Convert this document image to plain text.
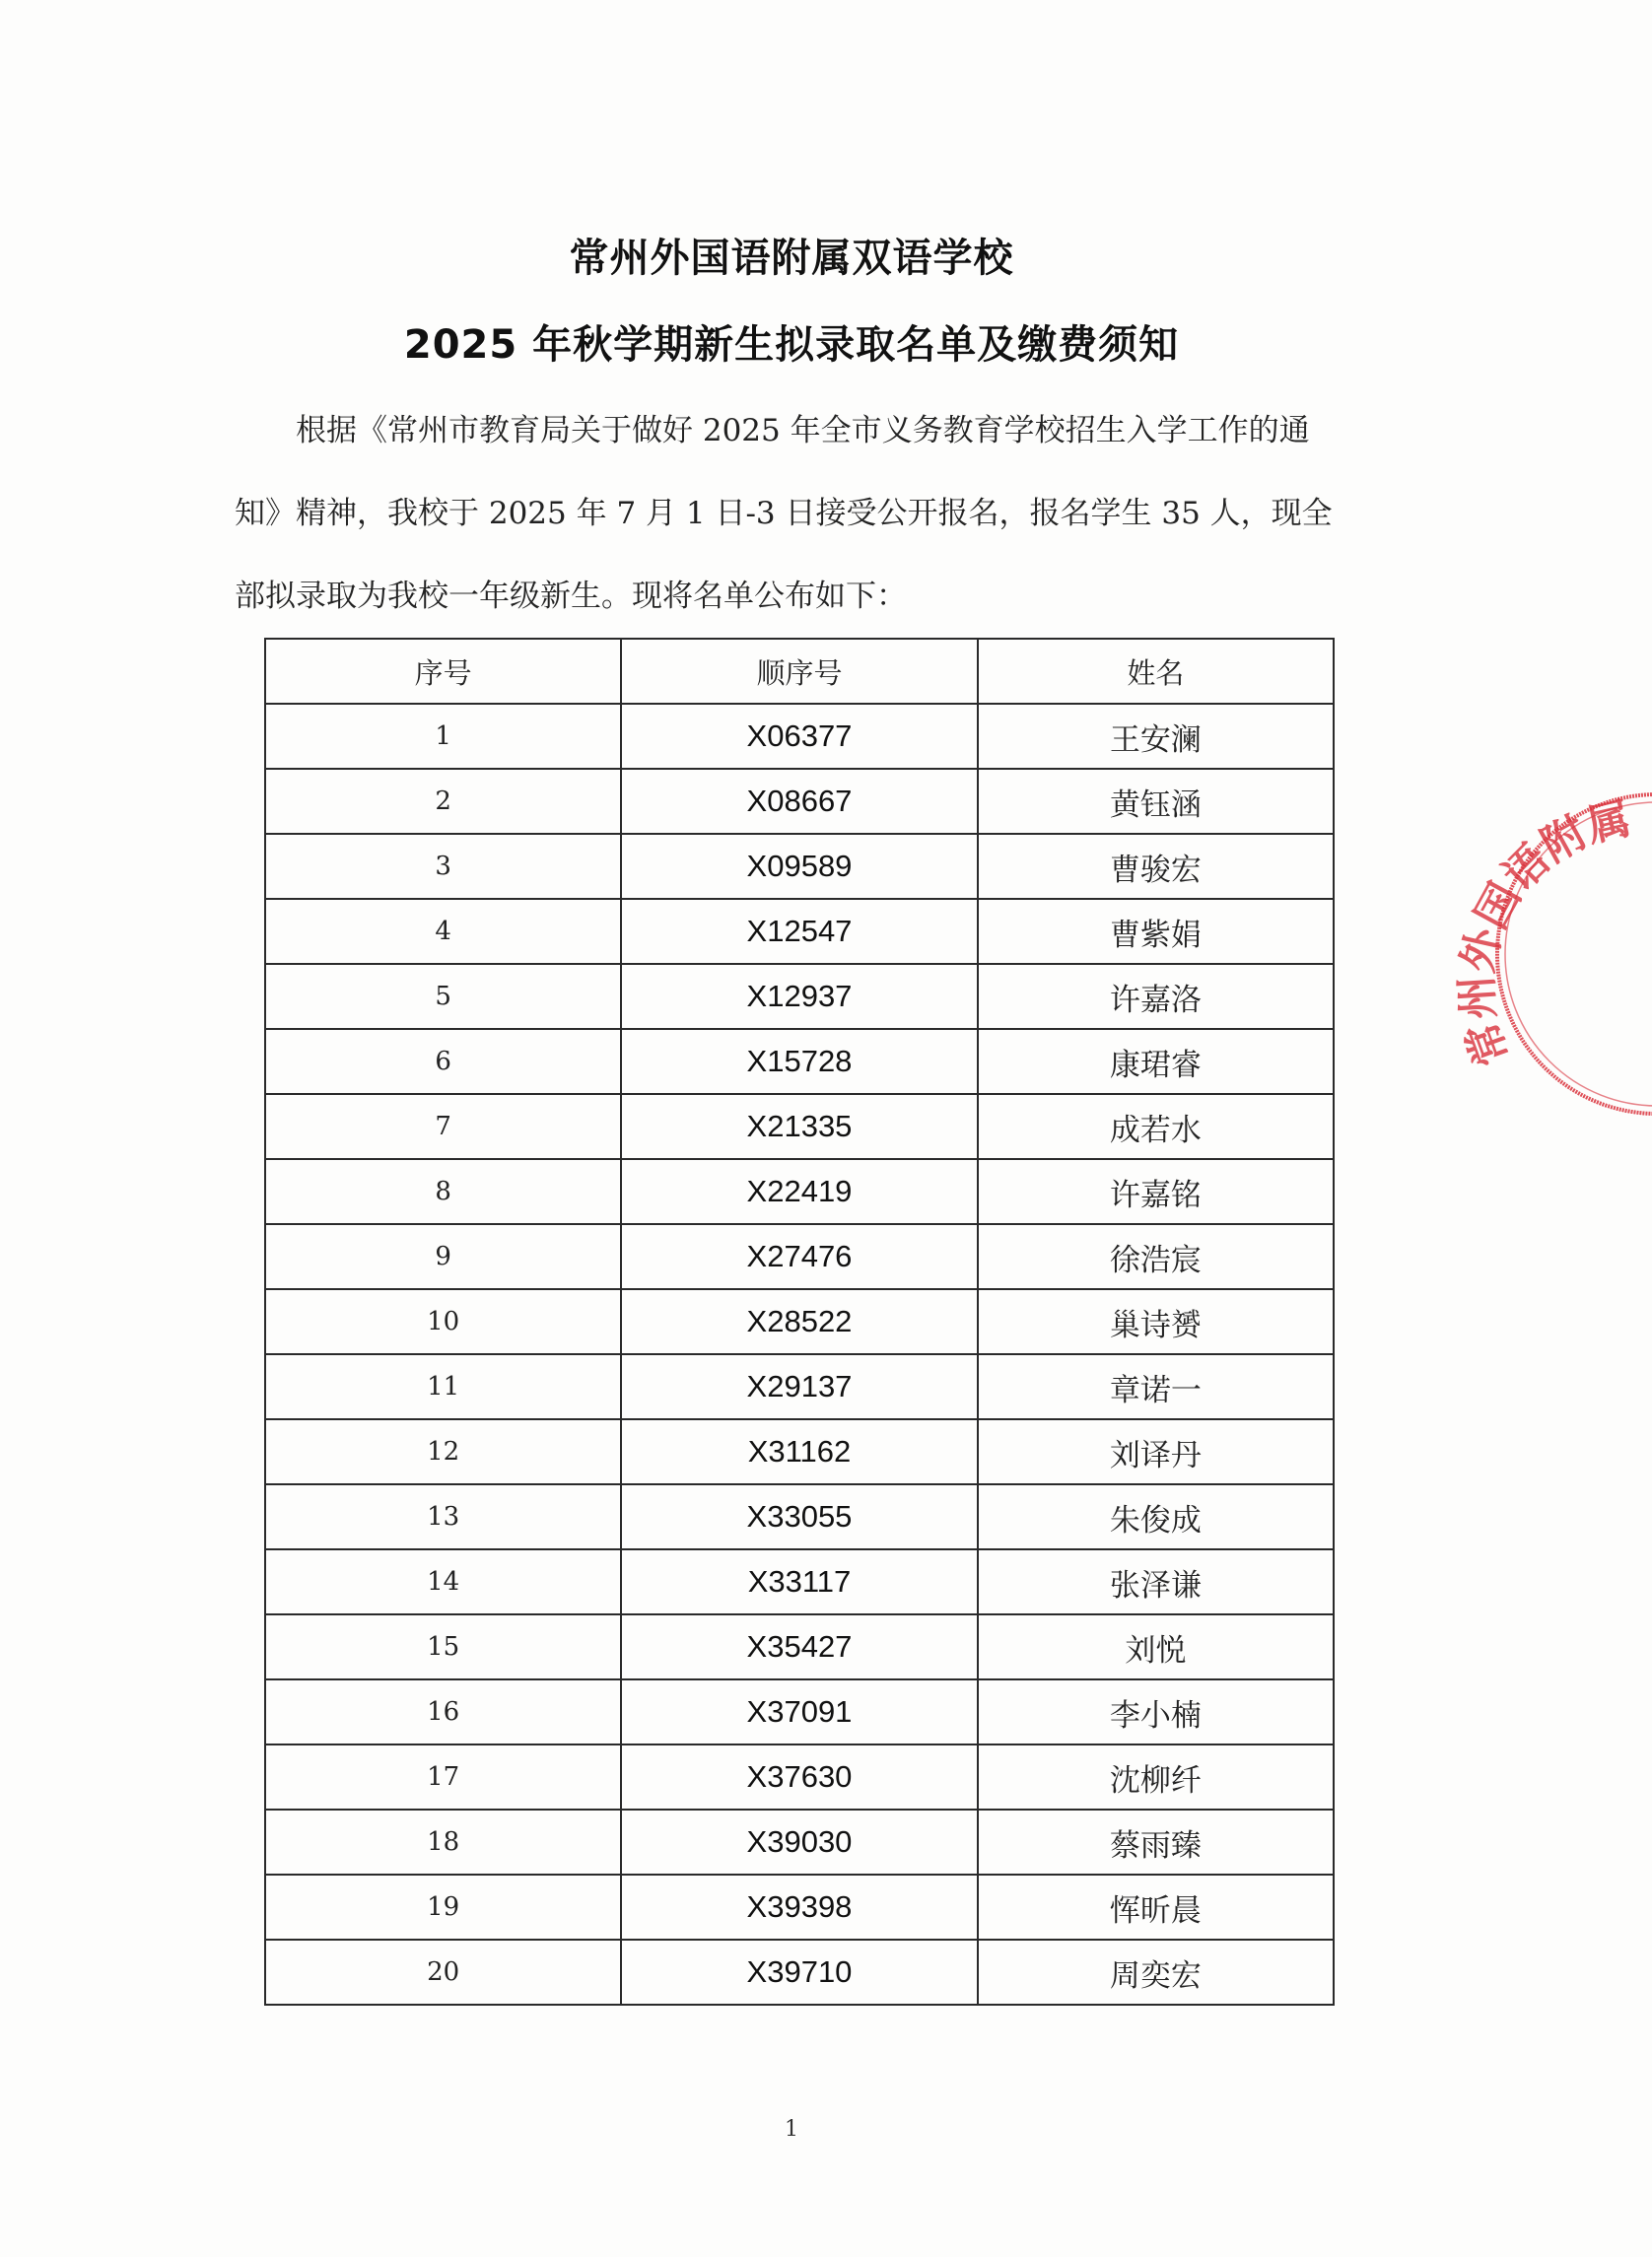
常州外国语附属双语学校
2025 年秋学期新生拟录取名单及缴费须知

根据《常州市教育局关于做好 2025 年全市义务教育学校招生入学工作的通

知》精神，我校于 2025 年 7 月 1 日-3 日接受公开报名，报名学生 35 人，现全

部拟录取为我校一年级新生。现将名单公布如下：

序号	顺序号	姓名
1	X06377	王安澜
2	X08667	黄钰涵
3	X09589	曹骏宏
4	X12547	曹紫娟
5	X12937	许嘉洛
6	X15728	康珺睿
7	X21335	成若水
8	X22419	许嘉铭
9	X27476	徐浩宸
10	X28522	巢诗赟
11	X29137	章诺一
12	X31162	刘译丹
13	X33055	朱俊成
14	X33117	张泽谦
15	X35427	刘悦
16	X37091	李小楠
17	X37630	沈柳纤
18	X39030	蔡雨臻
19	X39398	恽昕晨
20	X39710	周奕宏
常州外国语附属双语学校
1
